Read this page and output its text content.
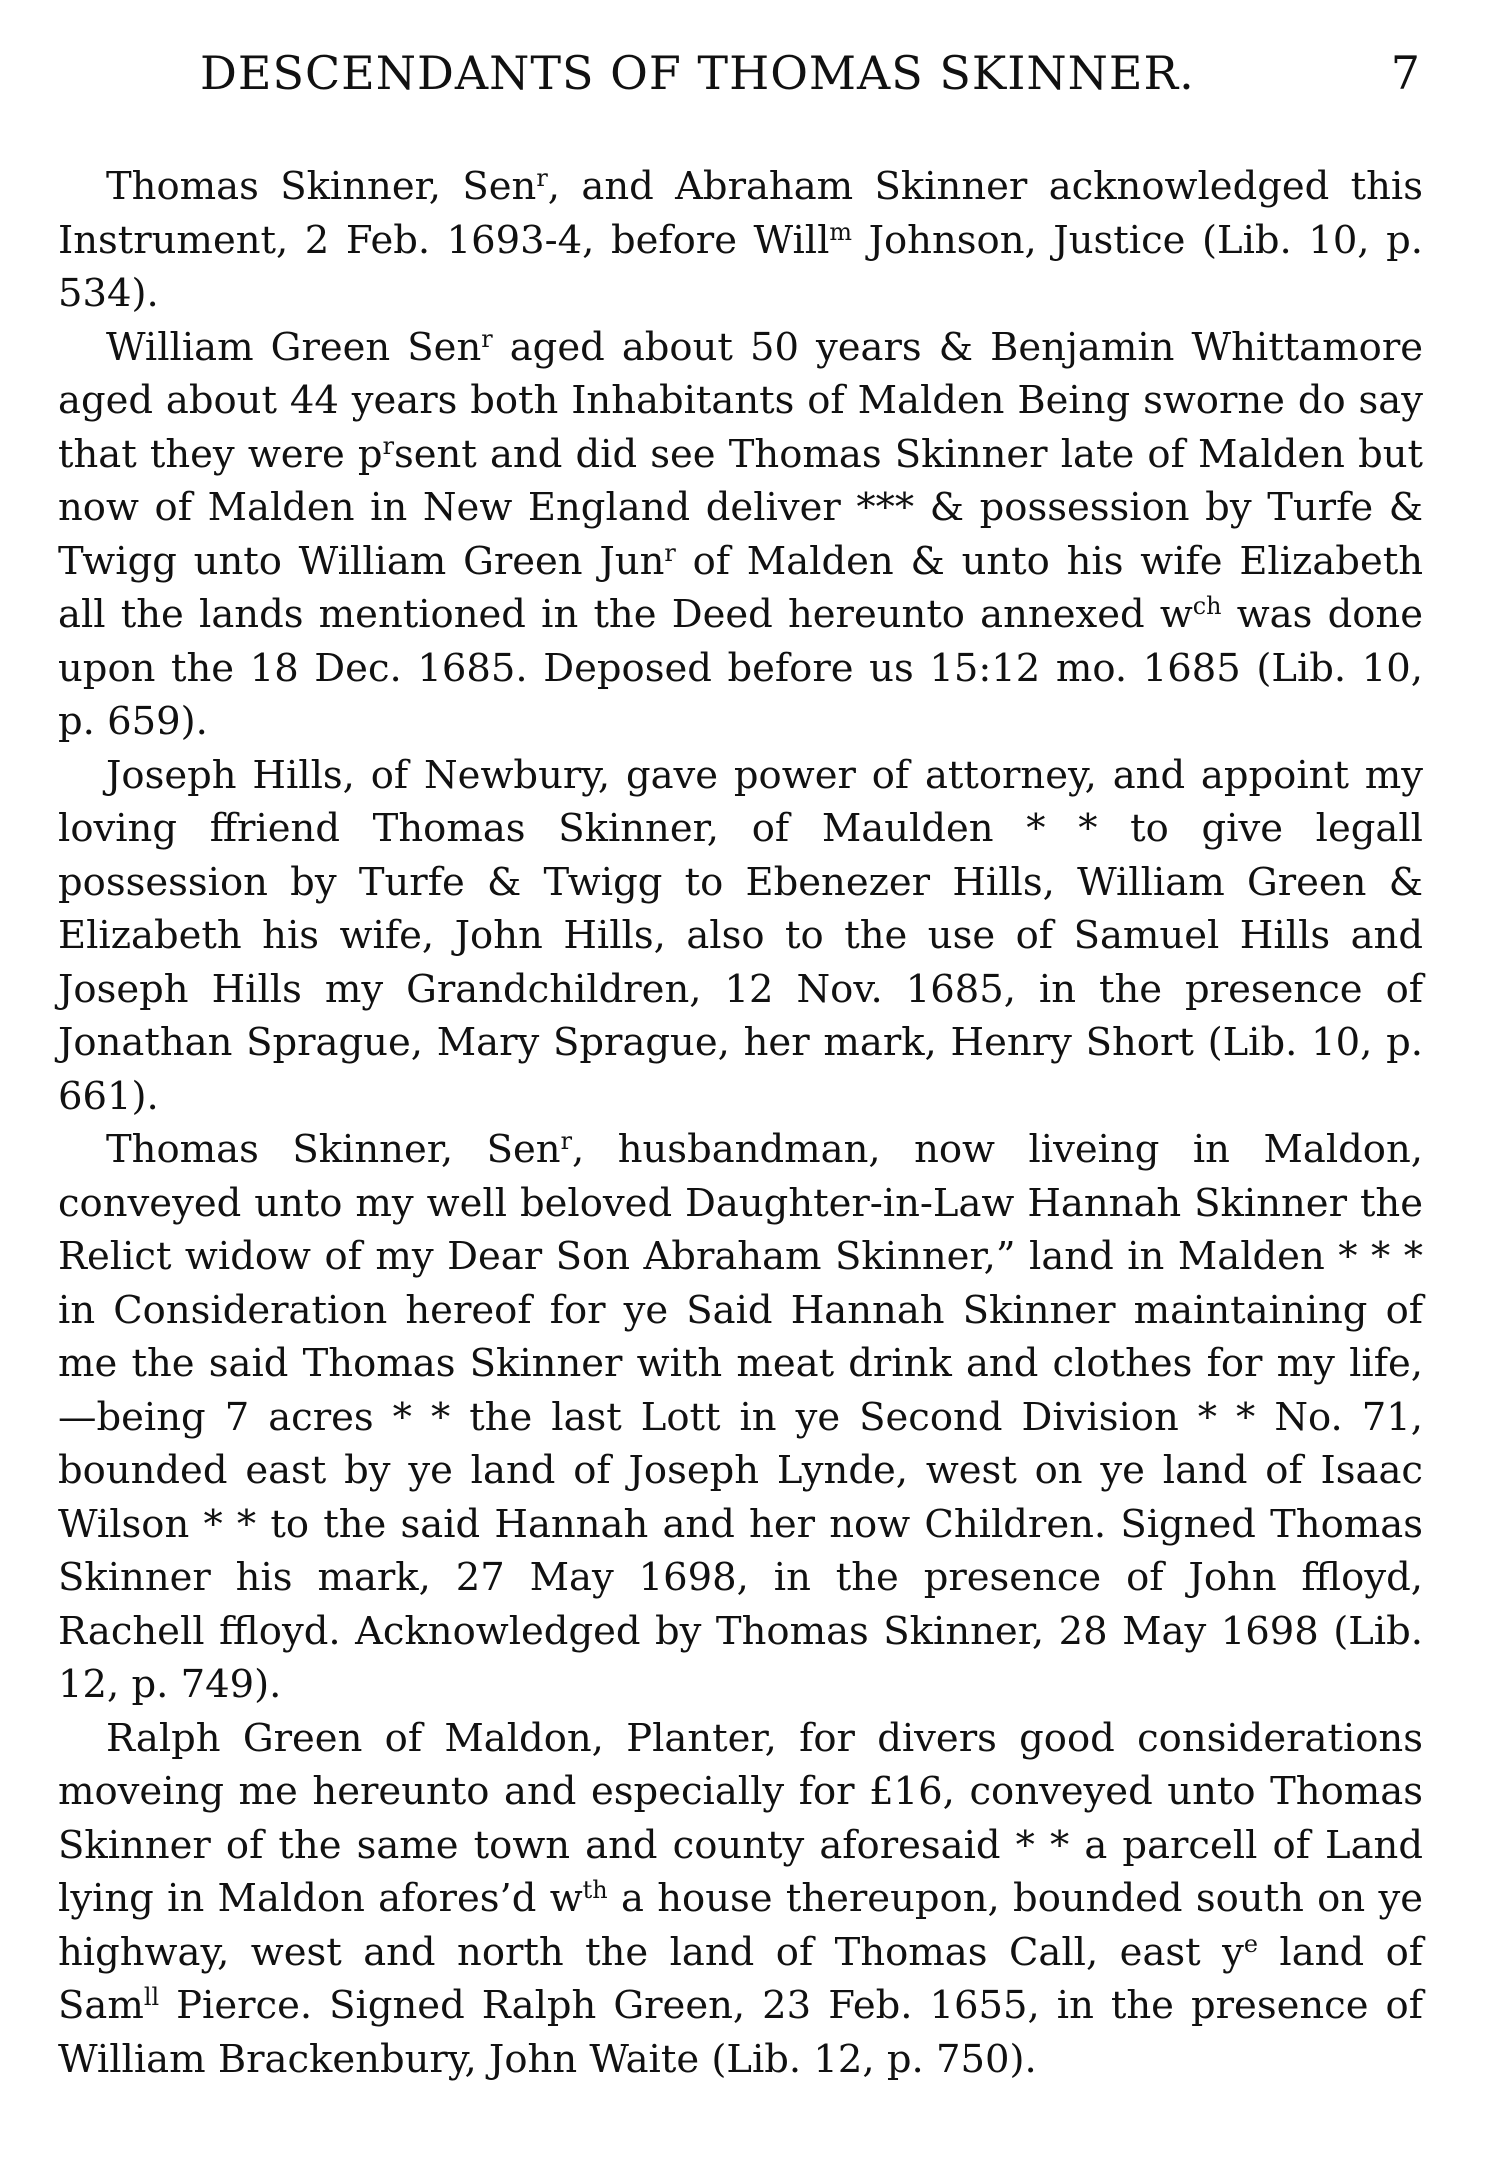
DESCENDANTS OF THOMAS SKINNER.	7

Thomas Skinner, Sen$^r$, and Abraham Skinner acknowledged this Instrument, 2 Feb. 1693-4, before Will$^m$ Johnson, Justice (Lib. 10, p. 534).

William Green Sen$^r$ aged about 50 years & Benjamin Whittamore aged about 44 years both Inhabitants of Malden Being sworne do say that they were $p^rsent$ and did see Thomas Skinner late of Malden but now of Malden in New England deliver *** & possession by Turfe & Twigg unto William Green Jun$^r$ of Malden & unto his wife Elizabeth all the lands mentioned in the Deed hereunto annexed $w^{ch}$ was done upon the 18 Dec. 1685. Deposed before us 15:12 mo. 1685 (Lib. 10, p. 659).

Joseph Hills, of Newbury, gave power of attorney, and appoint my loving ffriend Thomas Skinner, of Maulden * * to give legall possession by Turfe & Twigg to Ebenezer Hills, William Green & Elizabeth his wife, John Hills, also to the use of Samuel Hills and Joseph Hills my Grandchildren, 12 Nov. 1685, in the presence of Jonathan Sprague, Mary Sprague, her mark, Henry Short (Lib. 10, p. 661).

Thomas Skinner, Sen$^r$, husbandman, now liveing in Maldon, conveyed unto my well beloved Daughter-in-Law Hannah Skinner the Relict widow of my Dear Son Abraham Skinner,” land in Malden * * * in Consideration hereof for ye Said Hannah Skinner maintaining of me the said Thomas Skinner with meat drink and clothes for my life,—being 7 acres * * the last Lott in ye Second Division * * No. 71, bounded east by ye land of Joseph Lynde, west on ye land of Isaac Wilson * * to the said Hannah and her now Children. Signed Thomas Skinner his mark, 27 May 1698, in the presence of John ffloyd, Rachell ffloyd. Acknowledged by Thomas Skinner, 28 May 1698 (Lib. 12, p. 749).

Ralph Green of Maldon, Planter, for divers good considerations moveing me hereunto and especially for £16, conveyed unto Thomas Skinner of the same town and county aforesaid * * a parcell of Land lying in Maldon afores’d $w^{th}$ a house thereupon, bounded south on ye highway, west and north the land of Thomas Call, east $y^e$ land of Sam$^{ll}$ Pierce. Signed Ralph Green, 23 Feb. 1655, in the presence of William Brackenbury, John Waite (Lib. 12, p. 750).
